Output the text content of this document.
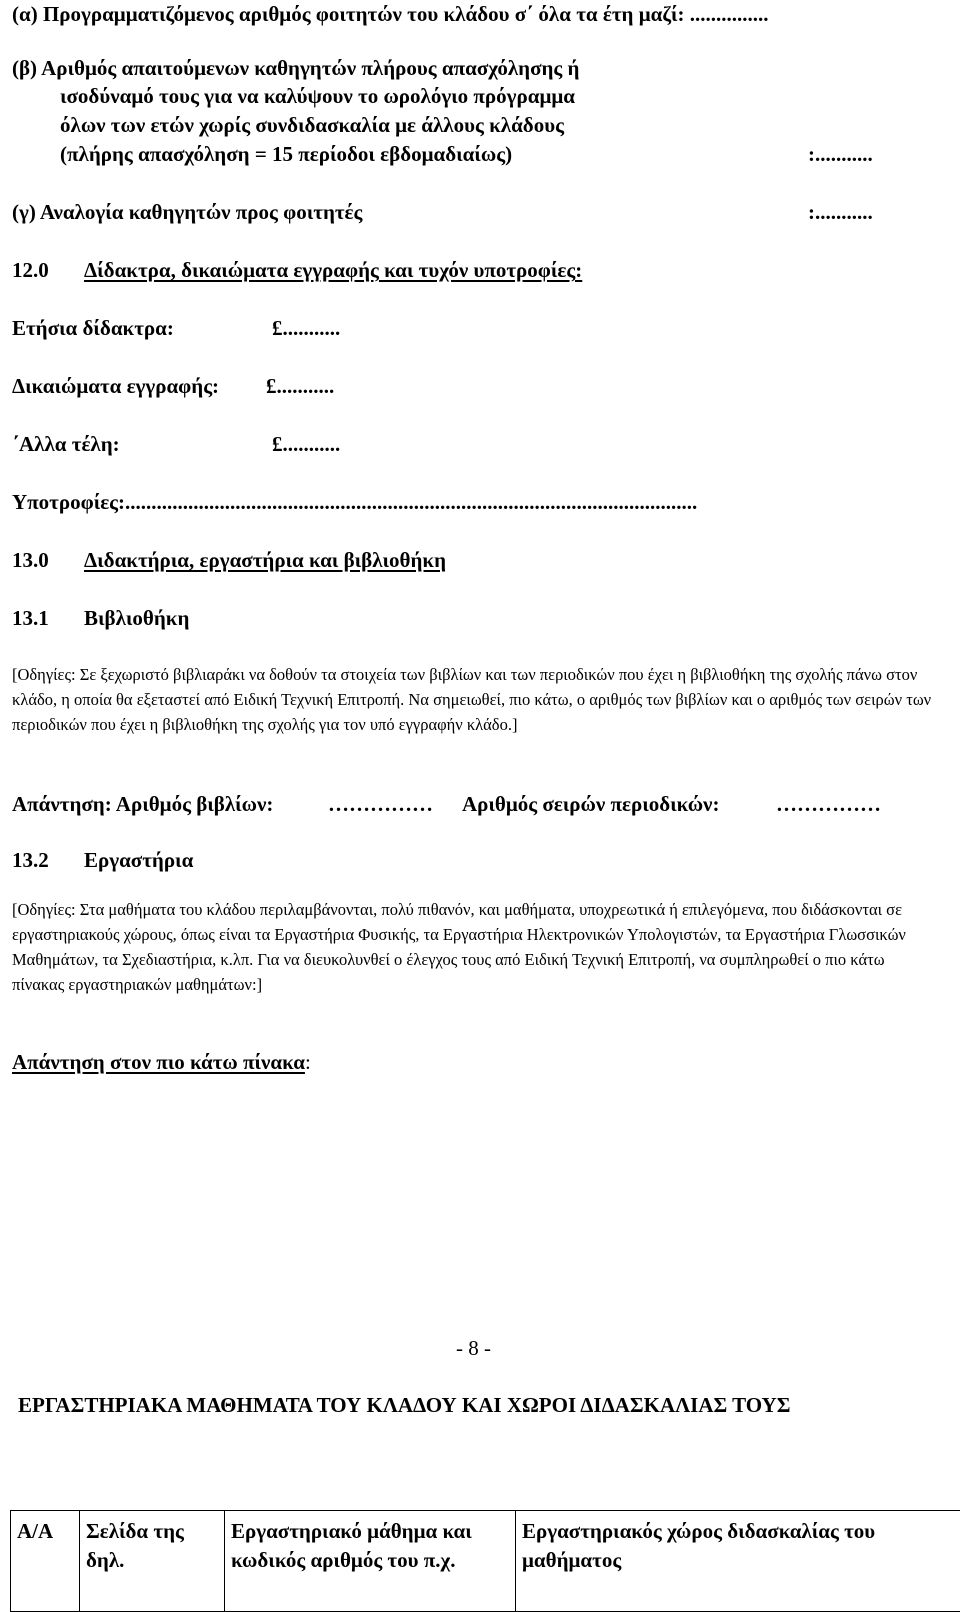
(α) Προγραμματιζόμενος αριθμός φοιτητών του κλάδου σ΄ όλα τα έτη μαζί: ...............
(β) Αριθμός απαιτούμενων καθηγητών πλήρους απασχόλησης ή
ισοδύναμό τους για να καλύψουν το ωρολόγιο πρόγραμμα
όλων των ετών χωρίς συνδιδασκαλία με άλλους κλάδους
(πλήρης απασχόληση = 15 περίοδοι εβδομαδιαίως)	:...........
(γ) Αναλογία καθηγητών προς φοιτητές	:...........
12.0 Δίδακτρα, δικαιώματα εγγραφής και τυχόν υποτροφίες:
Ετήσια δίδακτρα:	£...........
Δικαιώματα εγγραφής: £...........
΄Αλλα τέλη:	£...........
Υποτροφίες:.............................................................................................................
13.0 Διδακτήρια, εργαστήρια και βιβλιοθήκη
13.1 Βιβλιοθήκη
[Οδηγίες: Σε ξεχωριστό βιβλιαράκι να δοθούν τα στοιχεία των βιβλίων και των περιοδικών που έχει η βιβλιοθήκη της σχολής πάνω στον κλάδο, η οποία θα εξεταστεί από Ειδική Τεχνική Επιτροπή. Να σημειωθεί, πιο κάτω, ο αριθμός των βιβλίων και ο αριθμός των σειρών των περιοδικών που έχει η βιβλιοθήκη της σχολής για τον υπό εγγραφήν κλάδο.]
Απάντηση: Αριθμός βιβλίων:	…………… Αριθμός σειρών περιοδικών:	……………
13.2 Εργαστήρια
[Οδηγίες: Στα μαθήματα του κλάδου περιλαμβάνονται, πολύ πιθανόν, και μαθήματα, υποχρεωτικά ή επιλεγόμενα, που διδάσκονται σε εργαστηριακούς χώρους, όπως είναι τα Εργαστήρια Φυσικής, τα Εργαστήρια Ηλεκτρονικών Υπολογιστών, τα Εργαστήρια Γλωσσικών Μαθημάτων, τα Σχεδιαστήρια, κ.λπ. Για να διευκολυνθεί ο έλεγχος τους από Ειδική Τεχνική Επιτροπή, να συμπληρωθεί ο πιο κάτω πίνακας εργαστηριακών μαθημάτων:]
Απάντηση στον πιο κάτω πίνακα:
- 8 -
ΕΡΓΑΣΤΗΡΙΑΚΑ ΜΑΘΗΜΑΤΑ ΤΟΥ ΚΛΑΔΟΥ ΚΑΙ ΧΩΡΟΙ ΔΙΔΑΣΚΑΛΙΑΣ ΤΟΥΣ
Α/Α	Σελίδα της δηλ.	Εργαστηριακό μάθημα και κωδικός αριθμός του π.χ.	Εργαστηριακός χώρος διδασκαλίας του μαθήματος
